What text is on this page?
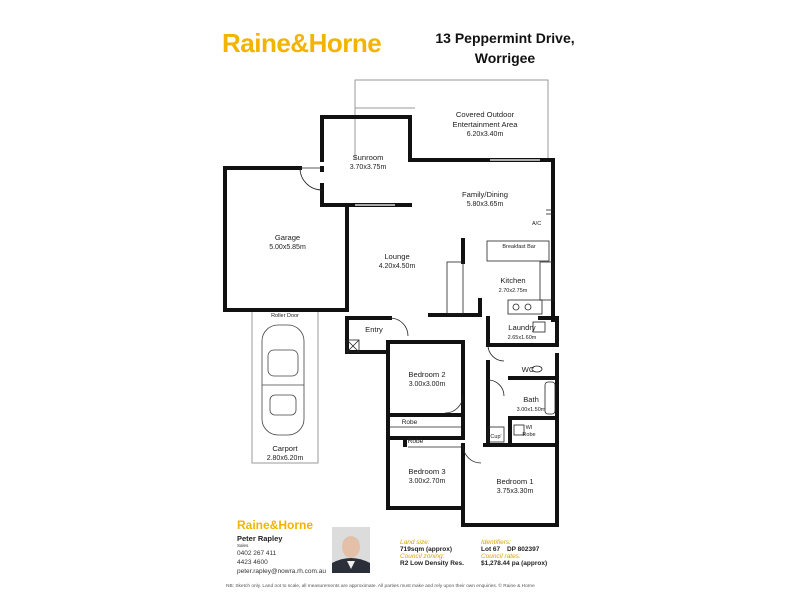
Raine&Horne	13 Peppermint Drive,
Worrigee
Covered Outdoor
Entertainment Area
6.20x3.40m
Sunroom
3.70x3.75m
Family/Dining
5.80x3.65m
A/C
Garage
5.00x5.85m	Breakfast Bar
Lounge
4.20x4.50m
Kitchen
2.70x2.75m
Roller Door
Laundry
2.65x1.60m
Entry
WC
Bedroom 2
3.00x3.00m
Bath
3.00x1.50m
Robe
WI
Robe
Cup'
Robe
Carport
2.80x6.20m
Bedroom 3
3.00x2.70m	Bedroom 1
3.75x3.30m
Raine&Horne
Peter Rapley
Sales
0402 267 411
4423 4600
peter.rapley@nowra.rh.com.au
Land size:
719sqm (approx)
Council zoning:
R2 Low Density Res.
Identifiers:
Lot 67 DP 802397
Council rates:
$1,278.44 pa (approx)
NB: Sketch only. Land not to scale, all measurements are approximate. All parties must make and rely upon their own enquiries. © Raine & Horne
